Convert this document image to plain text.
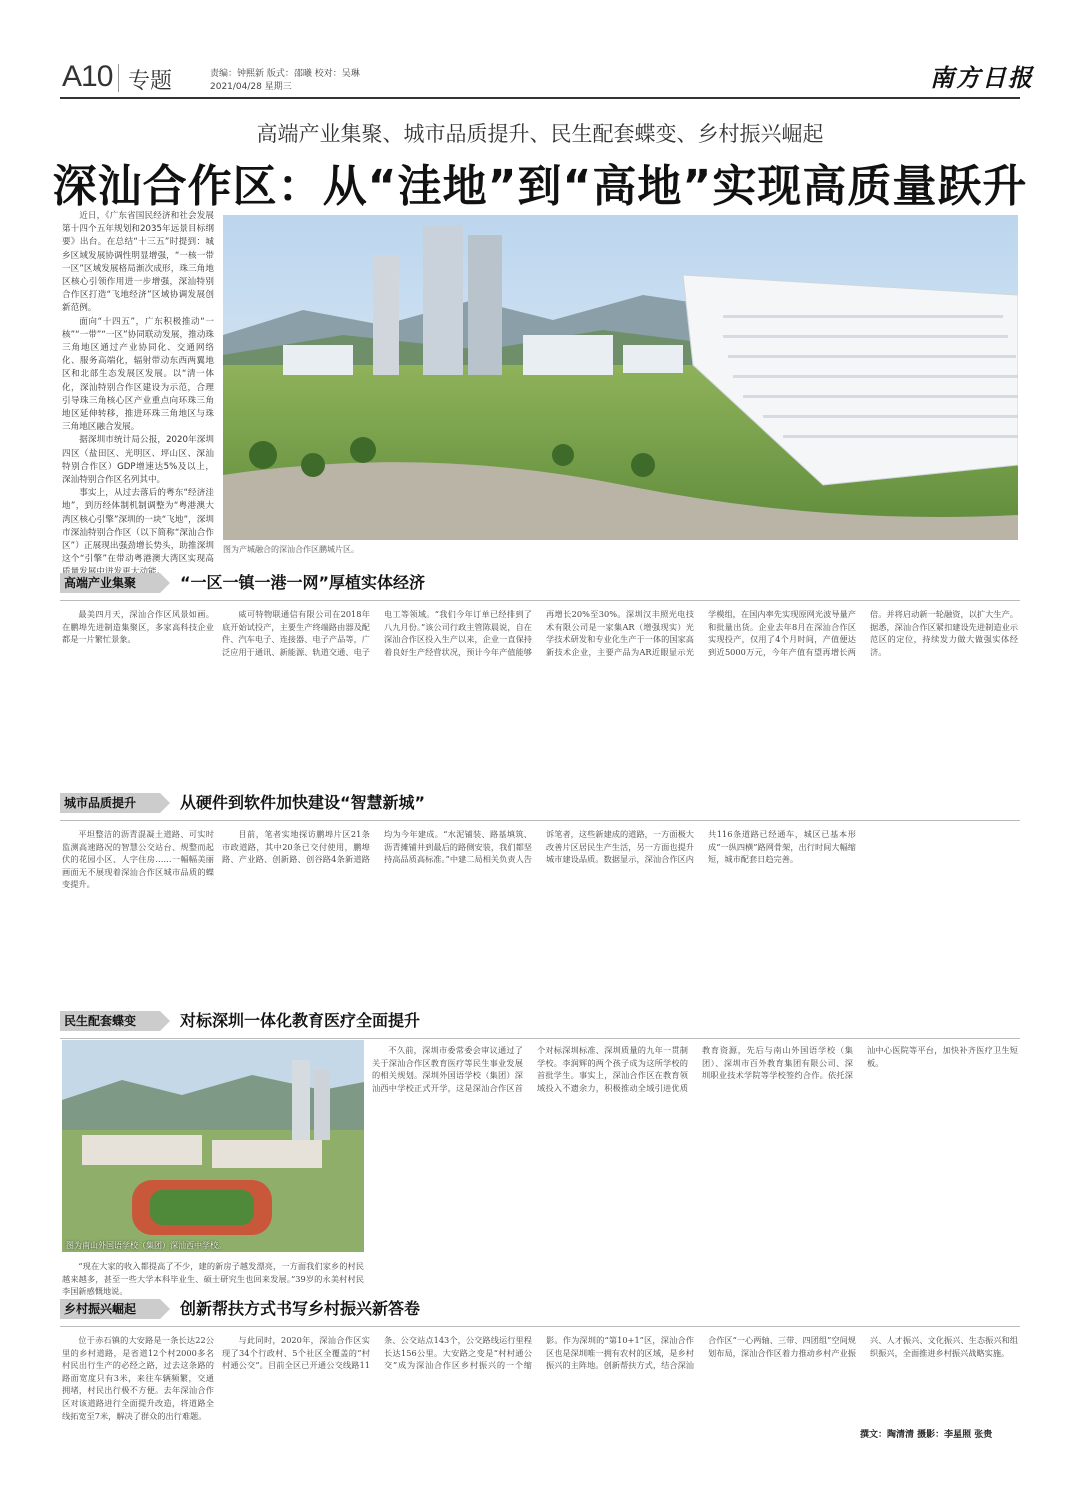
A10 专题	责编：钟熙新 版式：邵曦 校对：吴琳
2021/04/28 星期三	南方日报
高端产业集聚、城市品质提升、民生配套蝶变、乡村振兴崛起
深汕合作区：从“洼地”到“高地”实现高质量跃升

近日，《广东省国民经济和社会发展第十四个五年规划和2035年远景目标纲要》出台。在总结“十三五”时提到：城乡区域发展协调性明显增强，“一核一带一区”区域发展格局渐次成形，珠三角地区核心引领作用进一步增强，深汕特别合作区打造“飞地经济”区域协调发展创新范例。

面向“十四五”，广东积极推动“一核”“一带”“一区”协同联动发展，推动珠三角地区通过产业协同化、交通网络化、服务高端化，辐射带动东西两翼地区和北部生态发展区发展。以“清一体化，深汕特别合作区建设为示范，合理引导珠三角核心区产业重点向环珠三角地区延伸转移，推进环珠三角地区与珠三角地区融合发展。

据深圳市统计局公报，2020年深圳四区（盐田区、光明区、坪山区、深汕特别合作区）GDP增速达5%及以上，深汕特别合作区名列其中。

事实上，从过去落后的粤东“经济洼地”，到历经体制机制调整为“粤港澳大湾区核心引擎”深圳的一块“飞地”，深圳市深汕特别合作区（以下简称“深汕合作区”）正展现出强劲增长势头，助推深圳这个“引擎”在带动粤港澳大湾区实现高

图为产城融合的深汕合作区鹏城片区。
高端产业集聚	“一区一镇一港一网”厚植实体经济

最美四月天，深汕合作区风景如画。在鹏埠先进制造集聚区，多家高科技企业都是一片繁忙景象。

威可特物联通信有限公司在2018年底开始试投产，主要生产终端路由器及配件、汽车电子、连接器、电子产品等，广泛应用于通讯、新能源、轨道交通、电子电工等领域。“我们今年订单已经排到了八九月份。”该公司行政主管陈晨说，自在深汕合作区投入生产以来，企业一直保持着良好生产经营状况，预计今年产值能够再增长20%至30%。深圳汉丰照光电技术有限公司是一家集AR（增强现实）光学技术研发和专业化生产于一体的国家高新技术企业，主要产品为AR近眼显示光学模组，在国内率先实现原网光波导量产和批量出货。企业去年8月在深汕合作区实现投产，仅用了4个月时间，产值便达到近5000万元，今年产值有望再增长两倍。并将启动新一轮融资，以扩大生产。据悉，深汕合作区紧扣建设先进制造业示范区的定位，持续发力做大做强实体经济。

城市品质提升	从硬件到软件加快建设“智慧新城”

平坦整洁的沥青混凝土道路、可实时监测高速路况的智慧公交站台、规整而起伏的花园小区、人字住房……一幅幅美丽画面无不展现着深汕合作区城市品质的蝶变提升。

目前，笔者实地探访鹏埠片区21条市政道路，其中20条已交付使用，鹏埠路、产业路、创新路、创谷路4条新道路均为今年建成。“水泥铺装、路基填筑、沥青摊铺井到最后的路侧安装，我们都坚持高品质高标准。”中建二局相关负责人告诉笔者，这些新建成的道路，一方面极大改善片区居民生产生活，另一方面也提升城市建设品质。数据显示，深汕合作区内共116条道路已经通车，城区已基本形成“一纵四横”路网骨架，出行时间大幅缩短，城市配套日趋完善。

民生配套蝶变	对标深圳一体化教育医疗全面提升
图为南山外国语学校（集团）深汕西中学校。

“现在大家的收入都提高了不少，建的新房子越发漂亮，一方面我们家乡的村民越来越多，甚至一些大学本科毕业生、硕士研究生也回来发展。”39岁的永美村村民李国新感慨地说。

不久前，深圳市委常委会审议通过了关于深汕合作区教育医疗等民生事业发展的相关规划。深圳外国语学校（集团）深汕西中学校正式开学，这是深汕合作区首个对标深圳标准、深圳质量的九年一贯制学校。李润辉的两个孩子成为这所学校的首批学生。事实上，深汕合作区在教育领域投入不遗余力，积极推动全域引进优质教育资源，先后与南山外国语学校（集团）、深圳市百外教育集团有限公司、深圳职业技术学院等学校签约合作。依托深汕中心医院等平台，加快补齐医疗卫生短板。

乡村振兴崛起	创新帮扶方式书写乡村振兴新答卷

位于赤石镇的大安路是一条长达22公里的乡村道路，是省道12个村2000多名村民出行生产的必经之路，过去这条路的路面宽度只有3米，来往车辆频繁，交通拥堵，村民出行极不方便。去年深汕合作区对该道路进行全面提升改造，将道路全线拓宽至7米，解决了群众的出行难题。

与此同时，2020年，深汕合作区实现了34个行政村、5个社区全覆盖的“村村通公交”。目前全区已开通公交线路11条、公交站点143个，公交路线运行里程长达156公里。大安路之变是“村村通公交”成为深汕合作区乡村振兴的一个缩影。作为深圳的“第10+1”区，深汕合作区也是深圳唯一拥有农村的区域，是乡村振兴的主阵地。创新帮扶方式，结合深汕合作区“一心两轴、三带、四团组”空间规划布局，深汕合作区着力推动乡村产业振兴、人才振兴、文化振兴、生态振兴和组织振兴，全面推进乡村振兴战略实施。

撰文：陶清清 摄影：李星照 张贵
